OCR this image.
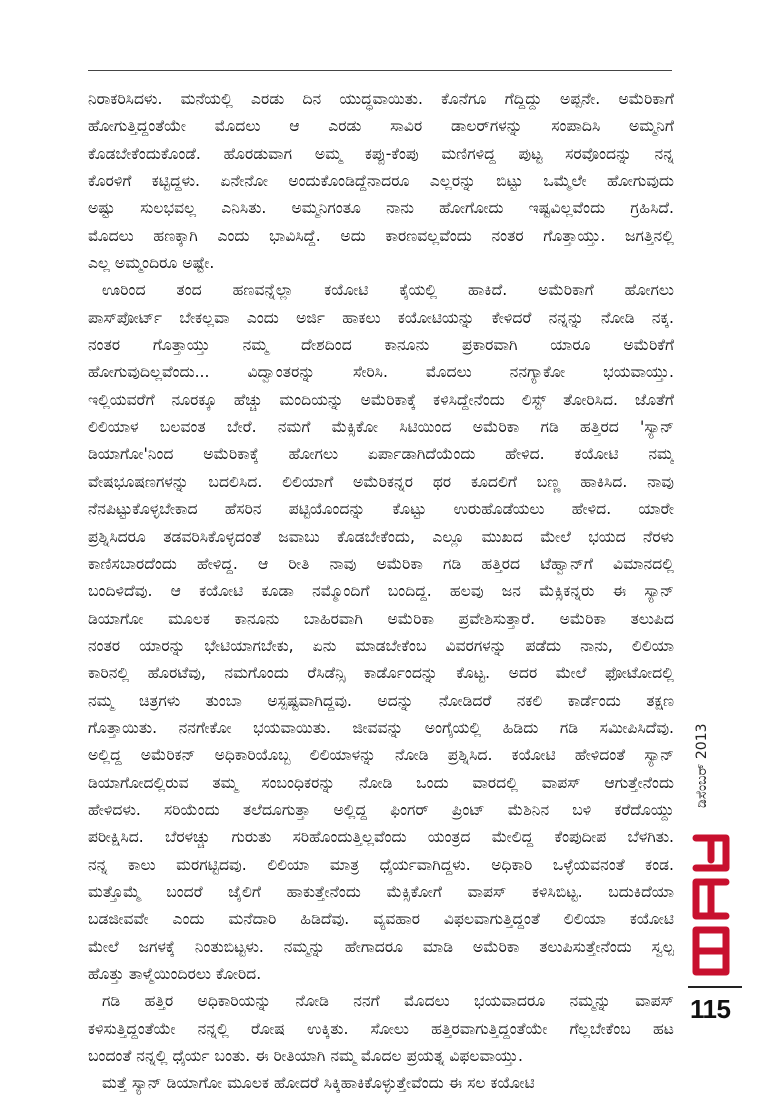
ನಿರಾಕರಿಸಿದಳು. ಮನೆಯಲ್ಲಿ ಎರಡು ದಿನ ಯುದ್ಧವಾಯಿತು. ಕೊನೆಗೂ ಗೆದ್ದಿದ್ದು ಅಪ್ಪನೇ. ಅಮೆರಿಕಾಗೆ
ಹೋಗುತ್ತಿದ್ದಂತೆಯೇ ಮೊದಲು ಆ ಎರಡು ಸಾವಿರ ಡಾಲರ್‌ಗಳನ್ನು ಸಂಪಾದಿಸಿ ಅಮ್ಮನಿಗೆ
ಕೊಡಬೇಕೆಂದುಕೊಂಡೆ. ಹೊರಡುವಾಗ ಅಮ್ಮ ಕಪ್ಪು-ಕೆಂಪು ಮಣಿಗಳಿದ್ದ ಪುಟ್ಟ ಸರವೊಂದನ್ನು ನನ್ನ
ಕೊರಳಿಗೆ ಕಟ್ಟಿದ್ದಳು. ಏನೇನೋ ಅಂದುಕೊಂಡಿದ್ದೆನಾದರೂ ಎಲ್ಲರನ್ನು ಬಿಟ್ಟು ಒಮ್ಮೆಲೇ ಹೋಗುವುದು
ಅಷ್ಟು ಸುಲಭವಲ್ಲ ಎನಿಸಿತು. ಅಮ್ಮನಿಗಂತೂ ನಾನು ಹೋಗೋದು ಇಷ್ಟವಿಲ್ಲವೆಂದು ಗ್ರಹಿಸಿದೆ.
ಮೊದಲು ಹಣಕ್ಕಾಗಿ ಎಂದು ಭಾವಿಸಿದ್ದೆ. ಅದು ಕಾರಣವಲ್ಲವೆಂದು ನಂತರ ಗೊತ್ತಾಯ್ತು. ಜಗತ್ತಿನಲ್ಲಿ
ಎಲ್ಲ ಅಮ್ಮಂದಿರೂ ಅಷ್ಟೇ.

ಊರಿಂದ ತಂದ ಹಣವನ್ನೆಲ್ಲಾ ಕಯೋಟಿ ಕೈಯಲ್ಲಿ ಹಾಕಿದೆ. ಅಮೆರಿಕಾಗೆ ಹೋಗಲು
ಪಾಸ್‌ಪೋರ್ಟ್ ಬೇಕಲ್ಲವಾ ಎಂದು ಅರ್ಜಿ ಹಾಕಲು ಕಯೋಟಿಯನ್ನು ಕೇಳಿದರೆ ನನ್ನನ್ನು ನೋಡಿ ನಕ್ಕ.
ನಂತರ ಗೊತ್ತಾಯ್ತು ನಮ್ಮ ದೇಶದಿಂದ ಕಾನೂನು ಪ್ರಕಾರವಾಗಿ ಯಾರೂ ಅಮೆರಿಕೆಗೆ
ಹೋಗುವುದಿಲ್ಲವೆಂದು... ವಿದ್ವಾಂತರನ್ನು ಸೇರಿಸಿ. ಮೊದಲು ನನಗ್ಯಾಕೋ ಭಯವಾಯ್ತು.
ಇಲ್ಲಿಯವರೆಗೆ ನೂರಕ್ಕೂ ಹೆಚ್ಚು ಮಂದಿಯನ್ನು ಅಮೆರಿಕಾಕ್ಕೆ ಕಳಿಸಿದ್ದೇನೆಂದು ಲಿಸ್ಟ್ ತೋರಿಸಿದ. ಜೊತೆಗೆ
ಲಿಲಿಯಾಳ ಬಲವಂತ ಬೇರೆ. ನಮಗೆ ಮೆಕ್ಸಿಕೋ ಸಿಟಿಯಿಂದ ಅಮೆರಿಕಾ ಗಡಿ ಹತ್ತಿರದ 'ಸ್ಯಾನ್
ಡಿಯಾಗೋ'ನಿಂದ ಅಮೆರಿಕಾಕ್ಕೆ ಹೋಗಲು ಏರ್ಪಾಡಾಗಿದೆಯೆಂದು ಹೇಳಿದ. ಕಯೋಟಿ ನಮ್ಮ
ವೇಷಭೂಷಣಗಳನ್ನು ಬದಲಿಸಿದ. ಲಿಲಿಯಾಗೆ ಅಮೆರಿಕನ್ನರ ಥರ ಕೂದಲಿಗೆ ಬಣ್ಣ ಹಾಕಿಸಿದ. ನಾವು
ನೆನಪಿಟ್ಟುಕೊಳ್ಳಬೇಕಾದ ಹೆಸರಿನ ಪಟ್ಟಿಯೊಂದನ್ನು ಕೊಟ್ಟು ಉರುಹೊಡೆಯಲು ಹೇಳಿದ. ಯಾರೇ
ಪ್ರಶ್ನಿಸಿದರೂ ತಡವರಿಸಿಕೊಳ್ಳದಂತೆ ಜವಾಬು ಕೊಡಬೇಕೆಂದು, ಎಲ್ಲೂ ಮುಖದ ಮೇಲೆ ಭಯದ ನೆರಳು
ಕಾಣಿಸಬಾರದೆಂದು ಹೇಳಿದ್ದ. ಆ ರೀತಿ ನಾವು ಅಮೆರಿಕಾ ಗಡಿ ಹತ್ತಿರದ ಟೆಹ್ವಾನ್‌ಗೆ ವಿಮಾನದಲ್ಲಿ
ಬಂದಿಳಿದೆವು. ಆ ಕಯೋಟಿ ಕೂಡಾ ನಮ್ಮೊಂದಿಗೆ ಬಂದಿದ್ದ. ಹಲವು ಜನ ಮೆಕ್ಸಿಕನ್ನರು ಈ ಸ್ಯಾನ್
ಡಿಯಾಗೋ ಮೂಲಕ ಕಾನೂನು ಬಾಹಿರವಾಗಿ ಅಮೆರಿಕಾ ಪ್ರವೇಶಿಸುತ್ತಾರೆ. ಅಮೆರಿಕಾ ತಲುಪಿದ
ನಂತರ ಯಾರನ್ನು ಭೇಟಿಯಾಗಬೇಕು, ಏನು ಮಾಡಬೇಕೆಂಬ ವಿವರಗಳನ್ನು ಪಡೆದು ನಾನು, ಲಿಲಿಯಾ
ಕಾರಿನಲ್ಲಿ ಹೊರಟೆವು, ನಮಗೊಂದು ರೆಸಿಡೆನ್ಸಿ ಕಾರ್ಡೊಂದನ್ನು ಕೊಟ್ಟ. ಅದರ ಮೇಲೆ ಫೋಟೋದಲ್ಲಿ
ನಮ್ಮ ಚಿತ್ರಗಳು ತುಂಬಾ ಅಸ್ಪಷ್ಟವಾಗಿದ್ದವು. ಅದನ್ನು ನೋಡಿದರೆ ನಕಲಿ ಕಾರ್ಡೆಂದು ತಕ್ಷಣ
ಗೊತ್ತಾಯಿತು. ನನಗೇಕೋ ಭಯವಾಯಿತು. ಜೀವವನ್ನು ಅಂಗೈಯಲ್ಲಿ ಹಿಡಿದು ಗಡಿ ಸಮೀಪಿಸಿದೆವು.
ಅಲ್ಲಿದ್ದ ಅಮೆರಿಕನ್ ಅಧಿಕಾರಿಯೊಬ್ಬ ಲಿಲಿಯಾಳನ್ನು ನೋಡಿ ಪ್ರಶ್ನಿಸಿದ. ಕಯೋಟಿ ಹೇಳಿದಂತೆ ಸ್ಯಾನ್
ಡಿಯಾಗೋದಲ್ಲಿರುವ ತಮ್ಮ ಸಂಬಂಧಿಕರನ್ನು ನೋಡಿ ಒಂದು ವಾರದಲ್ಲಿ ವಾಪಸ್ ಆಗುತ್ತೇನೆಂದು
ಹೇಳಿದಳು. ಸರಿಯೆಂದು ತಲೆದೂಗುತ್ತಾ ಅಲ್ಲಿದ್ದ ಫಿಂಗರ್ ಪ್ರಿಂಟ್ ಮೆಶಿನಿನ ಬಳಿ ಕರೆದೊಯ್ದು
ಪರೀಕ್ಷಿಸಿದ. ಬೆರಳಚ್ಚು ಗುರುತು ಸರಿಹೊಂದುತ್ತಿಲ್ಲವೆಂದು ಯಂತ್ರದ ಮೇಲಿದ್ದ ಕೆಂಪುದೀಪ ಬೆಳಗಿತು.
ನನ್ನ ಕಾಲು ಮರಗಟ್ಟಿದವು. ಲಿಲಿಯಾ ಮಾತ್ರ ಧೈರ್ಯವಾಗಿದ್ದಳು. ಅಧಿಕಾರಿ ಒಳ್ಳೆಯವನಂತೆ ಕಂಡ.
ಮತ್ತೊಮ್ಮೆ ಬಂದರೆ ಜೈಲಿಗೆ ಹಾಕುತ್ತೇನೆಂದು ಮೆಕ್ಸಿಕೋಗೆ ವಾಪಸ್ ಕಳಿಸಿಬಿಟ್ಟ. ಬದುಕಿದೆಯಾ
ಬಡಜೀವವೇ ಎಂದು ಮನೆದಾರಿ ಹಿಡಿದೆವು. ವ್ಯವಹಾರ ವಿಫಲವಾಗುತ್ತಿದ್ದಂತೆ ಲಿಲಿಯಾ ಕಯೋಟಿ
ಮೇಲೆ ಜಗಳಕ್ಕೆ ನಿಂತುಬಿಟ್ಟಳು. ನಮ್ಮನ್ನು ಹೇಗಾದರೂ ಮಾಡಿ ಅಮೆರಿಕಾ ತಲುಪಿಸುತ್ತೇನೆಂದು ಸ್ವಲ್ಪ
ಹೊತ್ತು ತಾಳ್ಮೆಯಿಂದಿರಲು ಕೋರಿದ.

ಗಡಿ ಹತ್ತಿರ ಅಧಿಕಾರಿಯನ್ನು ನೋಡಿ ನನಗೆ ಮೊದಲು ಭಯವಾದರೂ ನಮ್ಮನ್ನು ವಾಪಸ್
ಕಳಿಸುತ್ತಿದ್ದಂತೆಯೇ ನನ್ನಲ್ಲಿ ರೋಷ ಉಕ್ಕಿತು. ಸೋಲು ಹತ್ತಿರವಾಗುತ್ತಿದ್ದಂತೆಯೇ ಗೆಲ್ಲಬೇಕೆಂಬ ಹಟ
ಬಂದಂತೆ ನನ್ನಲ್ಲಿ ಧೈರ್ಯ ಬಂತು. ಈ ರೀತಿಯಾಗಿ ನಮ್ಮ ಮೊದಲ ಪ್ರಯತ್ನ ವಿಫಲವಾಯ್ತು.

ಮತ್ತೆ ಸ್ಯಾನ್ ಡಿಯಾಗೋ ಮೂಲಕ ಹೋದರೆ ಸಿಕ್ಕಿಹಾಕಿಕೊಳ್ಳುತ್ತೇವೆಂದು ಈ ಸಲ ಕಯೋಟಿ

ಡಿಸೆಂಬರ್ 2013
115
